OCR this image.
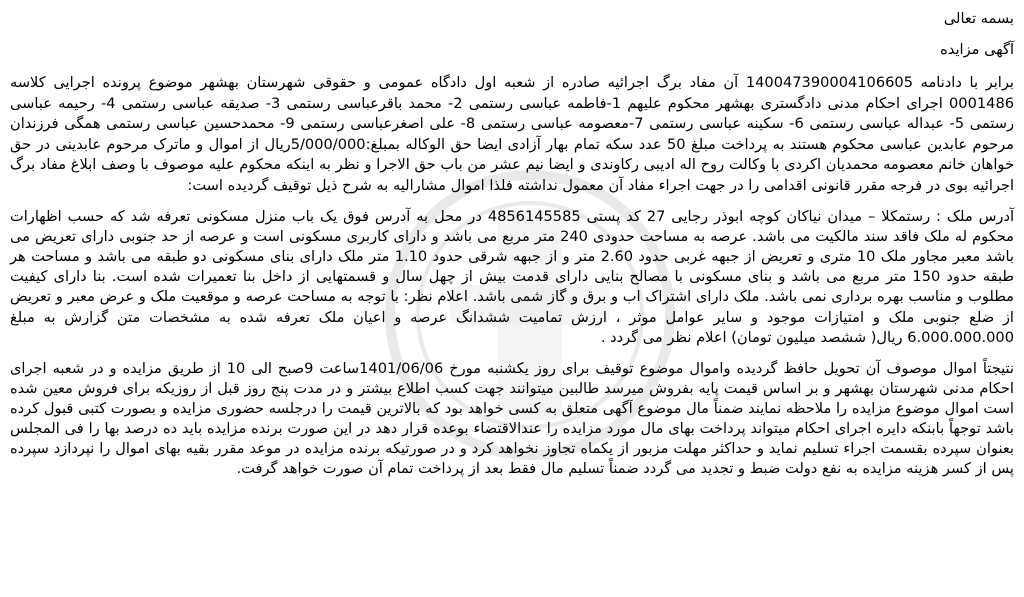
بسمه تعالی

آگهی مزایده

برابر با دادنامه 140047390004106605 آن مفاد برگ اجرائیه صادره از شعبه اول دادگاه عمومی و حقوقی شهرستان بهشهر موضوع پرونده اجرایی کلاسه 0001486 اجرای احکام مدنی دادگستری بهشهر محکوم علیهم 1-فاطمه عباسی رستمی 2- محمد باقرعباسی رستمی 3- صدیقه عباسی رستمی 4- رحیمه عباسی رستمی 5- عبداله عباسی رستمی 6- سکینه عباسی رستمی 7-معصومه عباسی رستمی 8- علی اصغرعباسی رستمی 9- محمدحسین عباسی رستمی همگی فرزندان مرحوم عابدین عباسی محکوم هستند به پرداخت مبلغ 50 عدد سکه تمام بهار آزادی ایضا حق الوکاله بمبلغ:5/000/000ریال از اموال و ماترک مرحوم عابدینی در حق خواهان خانم معصومه محمدیان اکردی با وکالت روح اله ادیبی رکاوندی و ایضا نیم عشر من باب حق الاجرا و نظر به اینکه محکوم علیه موصوف با وصف ابلاغ مفاد برگ اجرائیه بوی در فرجه مقرر قانونی اقدامی را در جهت اجراء مفاد آن معمول نداشته فلذا اموال مشارالیه به شرح ذیل توقیف گردیده است:

آدرس ملک : رستمکلا – میدان نیاکان کوچه ابوذر رجایی 27 کد پستی 4856145585 در محل به آدرس فوق یک باب منزل مسکونی تعرفه شد که حسب اظهارات محکوم له ملک فاقد سند مالکیت می باشد. عرصه به مساحت حدودی 240 متر مربع می باشد و دارای کاربری مسکونی است و عرصه از حد جنوبی دارای تعریض می باشد معبر مجاور ملک 10 متری و تعریض از جبهه غربی حدود 2.60 متر و از جبهه شرقی حدود 1.10 متر ملک دارای بنای مسکونی دو طبقه می باشد و مساحت هر طبقه حدود 150 متر مربع می باشد و بنای مسکونی با مصالح بنایی دارای قدمت بیش از چهل سال و قسمتهایی از داخل بنا تعمیرات شده است. بنا دارای کیفیت مطلوب و مناسب بهره برداری نمی باشد. ملک دارای اشتراک اب و برق و گاز شمی باشد. اعلام نظر: با توجه به مساحت عرصه و موقعیت ملک و عرض معبر و تعریض از ضلع جنوبی ملک و امتیازات موجود و سایر عوامل موثر ، ارزش تمامیت ششدانگ عرصه و اعیان ملک تعرفه شده به مشخصات متن گزارش به مبلغ 6.000.000.000 ریال( ششصد میلیون تومان) اعلام نظر می گردد .

نتیجتاً اموال موصوف آن تحویل حافظ گردیده واموال موضوع توقیف برای روز یکشنبه مورخ 1401/06/06ساعت 9صبح الی 10 از طریق مزایده و در شعبه اجرای احکام مدنی شهرستان بهشهر و بر اساس قیمت پایه بفروش میرسد طالبین میتوانند جهت کسب اطلاع بیشتر و در مدت پنج روز قبل از روزیکه برای فروش معین شده است اموال موضوع مزایده را ملاحظه نمایند ضمناً مال موضوع آگهی متعلق به کسی خواهد بود که بالاترین قیمت را درجلسه حضوری مزایده و بصورت کتبی قبول کرده باشد توجهاً بابنکه دایره اجرای احکام میتواند پرداخت بهای مال مورد مزایده را عندالاقتضاء بوعده قرار دهد در این صورت برنده مزایده باید ده درصد بها را فی المجلس بعنوان سپرده بقسمت اجراء تسلیم نماید و حداکثر مهلت مزبور از یکماه تجاوز نخواهد کرد و در صورتیکه برنده مزایده در موعد مقرر بقیه بهای اموال را نپردازد سپرده پس از کسر هزینه مزایده به نفع دولت ضبط و تجدید می گردد ضمناً تسلیم مال فقط بعد از پرداخت تمام آن صورت خواهد گرفت.
